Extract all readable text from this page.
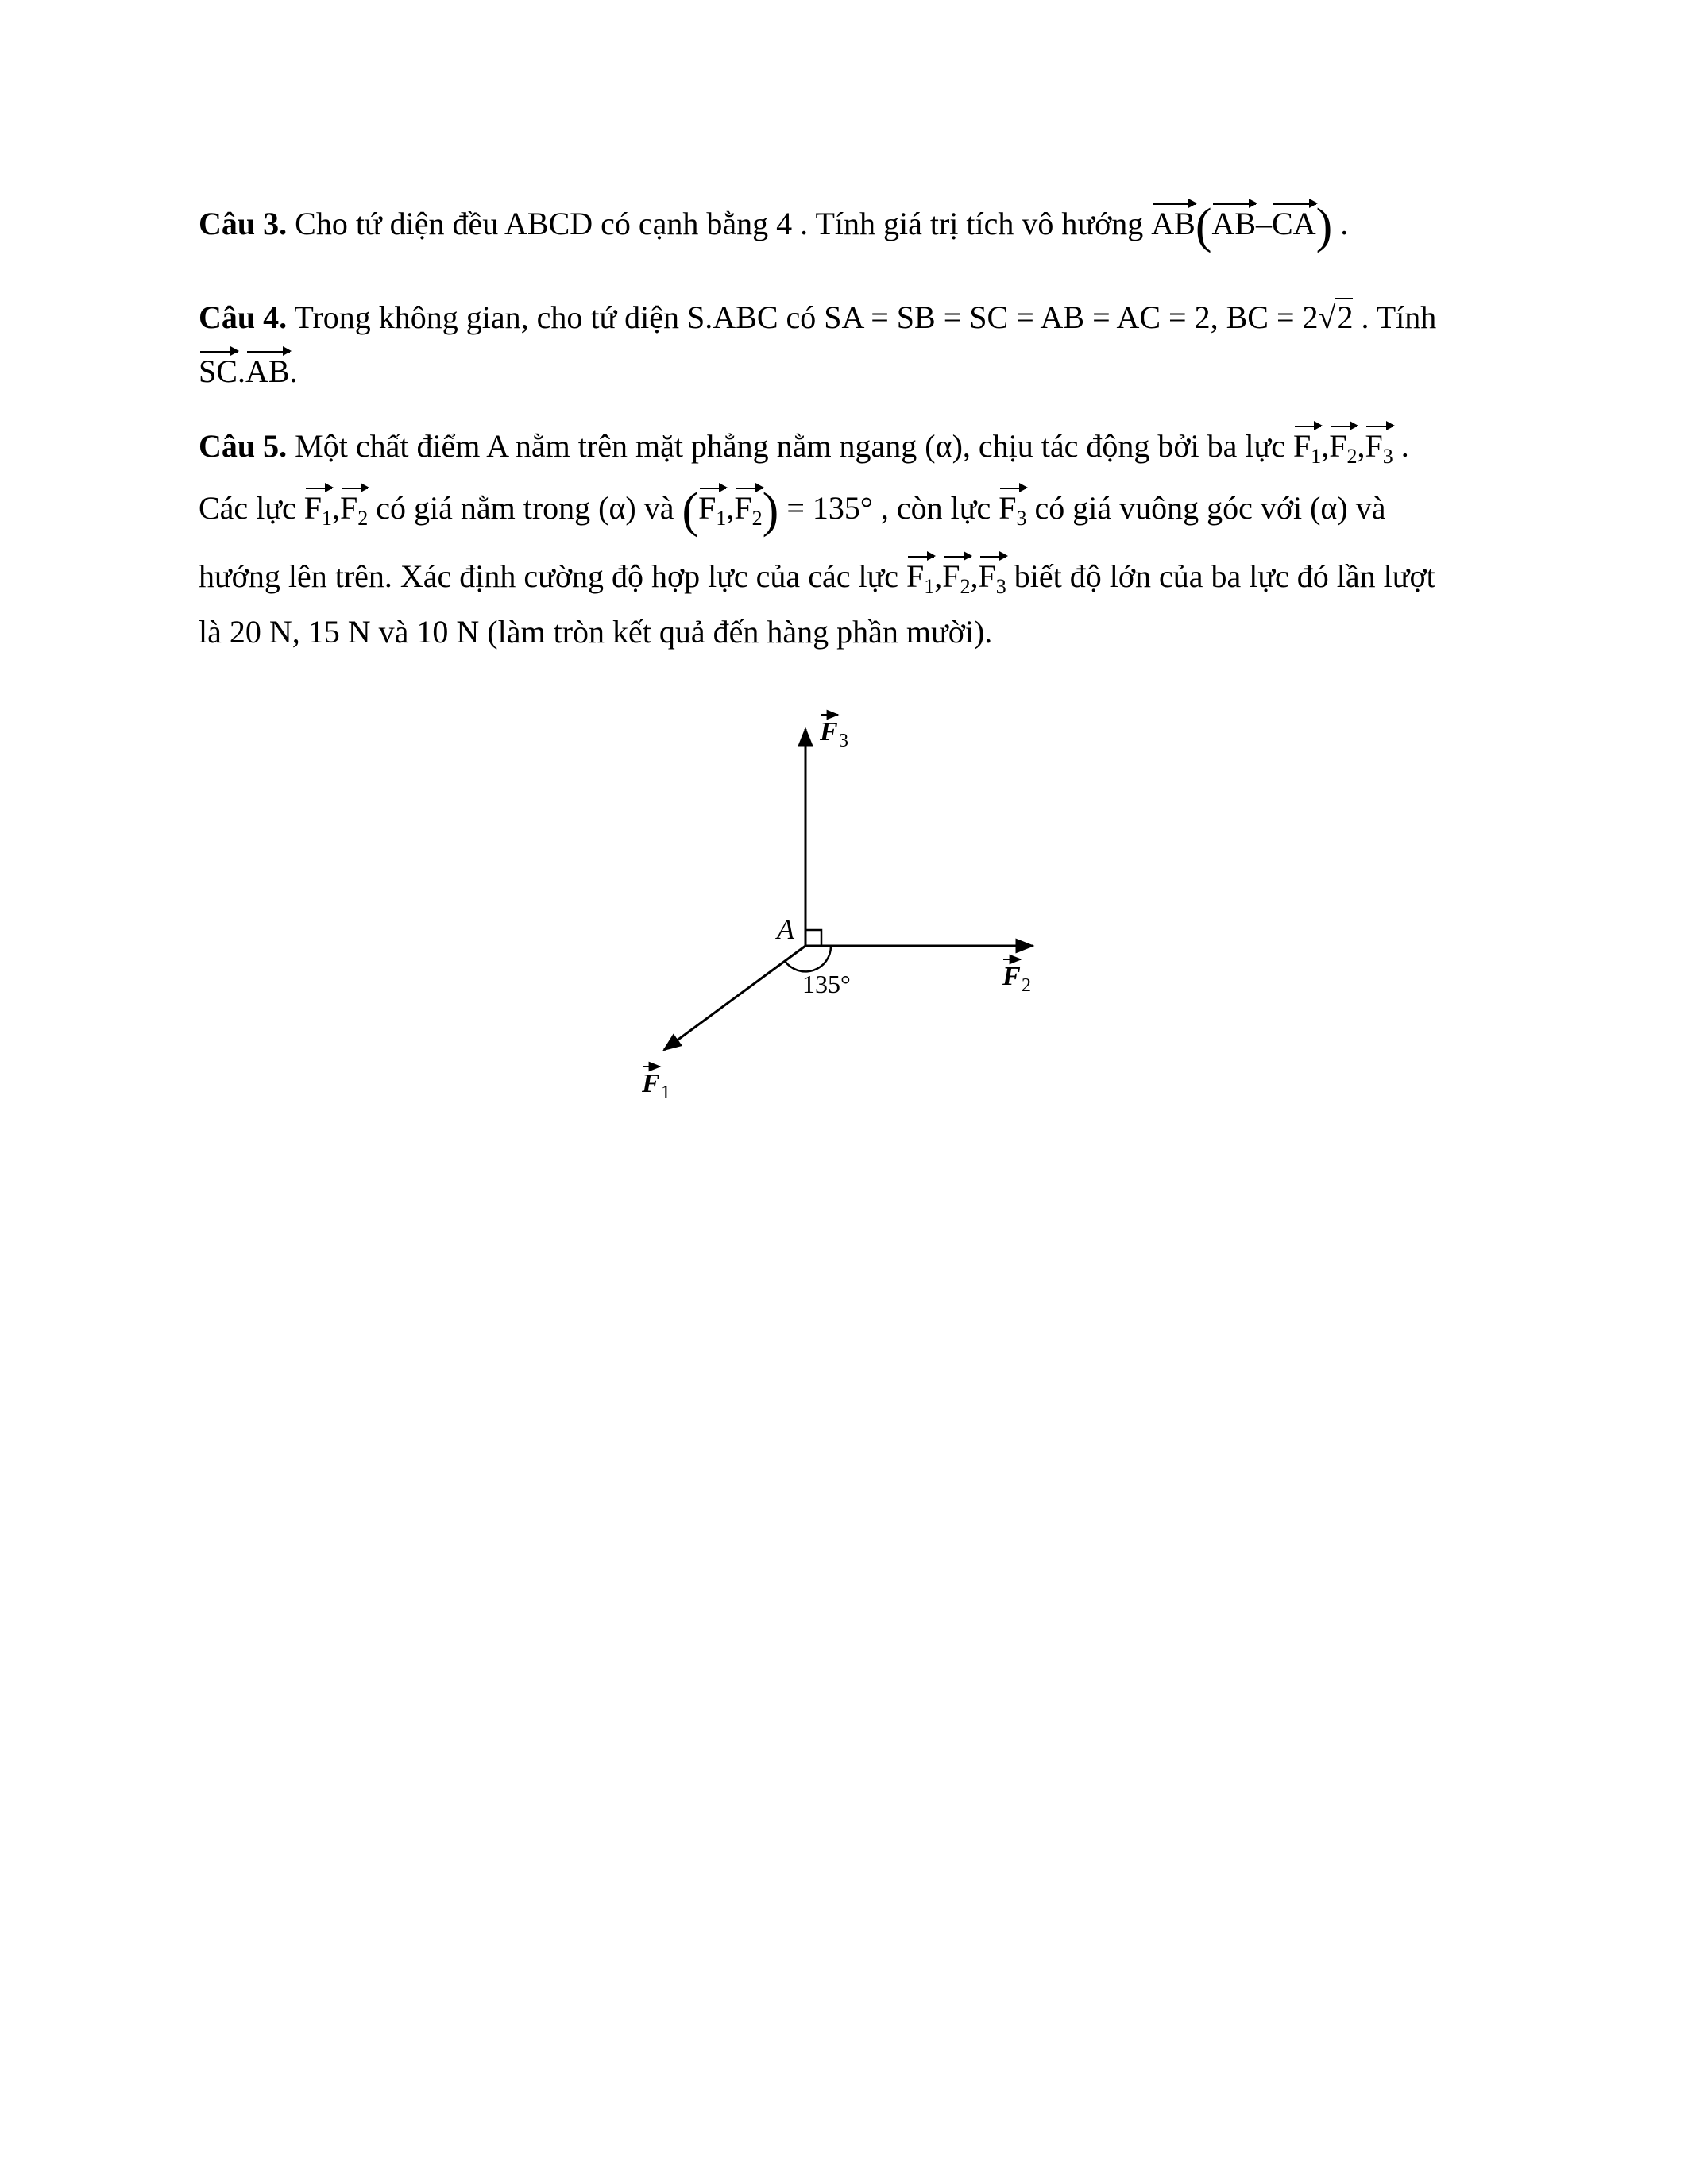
Câu 3. Cho tứ diện đều ABCD có cạnh bằng 4 . Tính giá trị tích vô hướng AB(AB–CA) .
Câu 4. Trong không gian, cho tứ diện S.ABC có SA = SB = SC = AB = AC = 2, BC = 2√2 . Tính
SC.AB.
Câu 5. Một chất điểm A nằm trên mặt phẳng nằm ngang (α), chịu tác động bởi ba lực $F_1,F_2,F_3$ .
Các lực $F_1,F_2$ có giá nằm trong (α) và $(F_1,F_2) = 135^\circ$ , còn lực $F_3$ có giá vuông góc với (α) và
hướng lên trên. Xác định cường độ hợp lực của các lực $F_1,F_2,F_3$ biết độ lớn của ba lực đó lần lượt
là 20 N, 15 N và 10 N (làm tròn kết quả đến hàng phần mười).
A
135°
F 3
F 2
F 1
